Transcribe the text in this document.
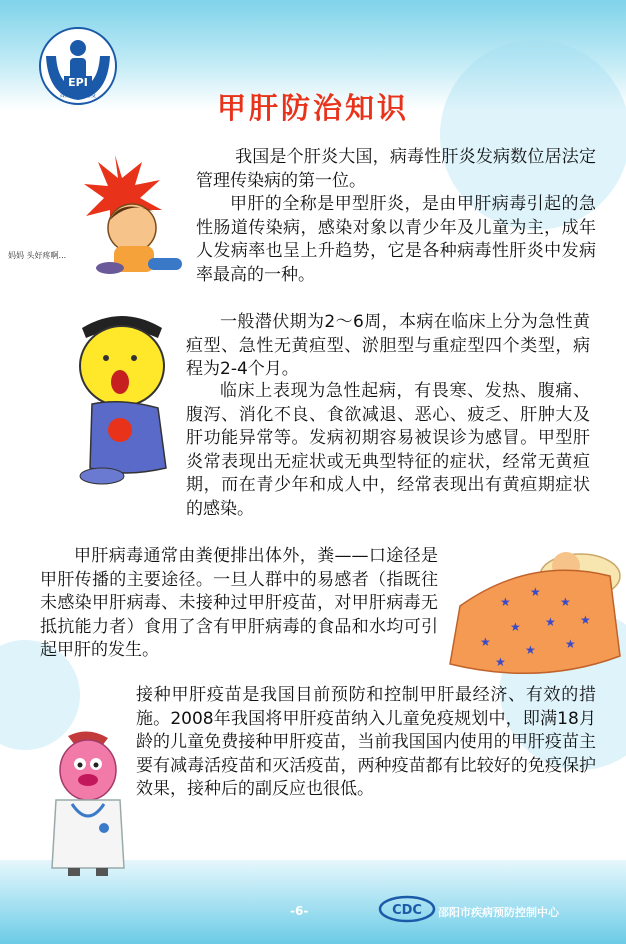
EPI
湖南计划免疫	甲肝防治知识
妈妈 头好疼啊...
★
★
★
★ ★ ★
★
★ ★
★

我国是个肝炎大国，病毒性肝炎发病数位居法定管理传染病的第一位。

甲肝的全称是甲型肝炎，是由甲肝病毒引起的急性肠道传染病，感染对象以青少年及儿童为主，成年人发病率也呈上升趋势，它是各种病毒性肝炎中发病率最高的一种。

一般潜伏期为2～6周，本病在临床上分为急性黄疸型、急性无黄疸型、淤胆型与重症型四个类型，病程为2-4个月。

临床上表现为急性起病，有畏寒、发热、腹痛、腹泻、消化不良、食欲减退、恶心、疲乏、肝肿大及肝功能异常等。发病初期容易被误诊为感冒。甲型肝炎常表现出无症状或无典型特征的症状，经常无黄疸期，而在青少年和成人中，经常表现出有黄疸期症状的感染。

甲肝病毒通常由粪便排出体外，粪——口途径是甲肝传播的主要途径。一旦人群中的易感者（指既往未感染甲肝病毒、未接种过甲肝疫苗，对甲肝病毒无抵抗能力者）食用了含有甲肝病毒的食品和水均可引起甲肝的发生。

接种甲肝疫苗是我国目前预防和控制甲肝最经济、有效的措施。2008年我国将甲肝疫苗纳入儿童免疫规划中，即满18月龄的儿童免费接种甲肝疫苗，当前我国国内使用的甲肝疫苗主要有减毒活疫苗和灭活疫苗，两种疫苗都有比较好的免疫保护效果，接种后的副反应也很低。

-6-	CDC 邵阳市疾病预防控制中心
